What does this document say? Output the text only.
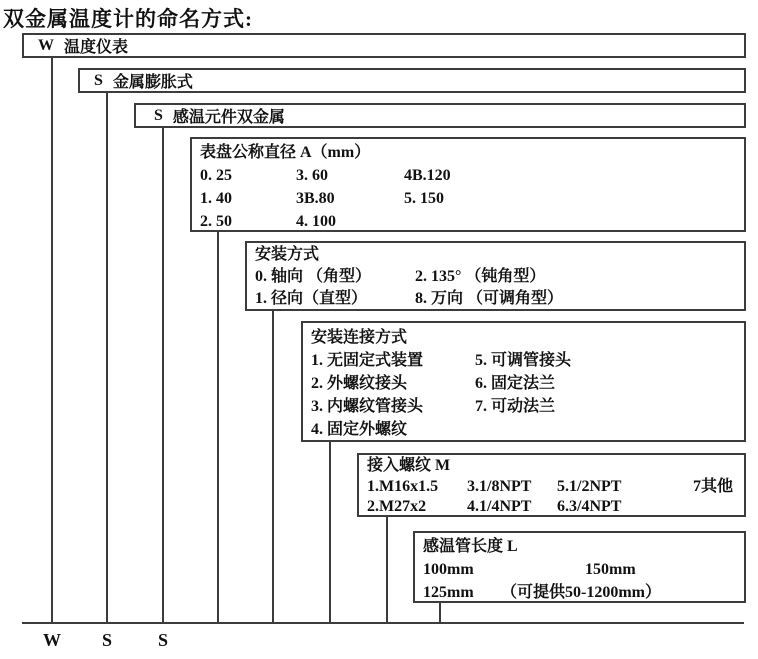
双金属温度计的命名方式:
W 温度仪表
S 金属膨胀式
S 感温元件双金属
表盘公称直径 A（mm）
0. 25	3. 60	4B.120
1. 40	3B.80	5. 150
2. 50	4. 100
安装方式
0. 轴向 （角型）	2. 135° （钝角型）
1. 径向（直型）	8. 万向 （可调角型）
安装连接方式
1. 无固定式装置	5. 可调管接头
2. 外螺纹接头	6. 固定法兰
3. 内螺纹管接头	7. 可动法兰
4. 固定外螺纹
接入螺纹 M
1.M16x1.5	3.1/8NPT	5.1/2NPT	7其他
2.M27x2	4.1/4NPT	6.3/4NPT
感温管长度 L
100mm	150mm
125mm	（可提供50-1200mm）
W	S	S
